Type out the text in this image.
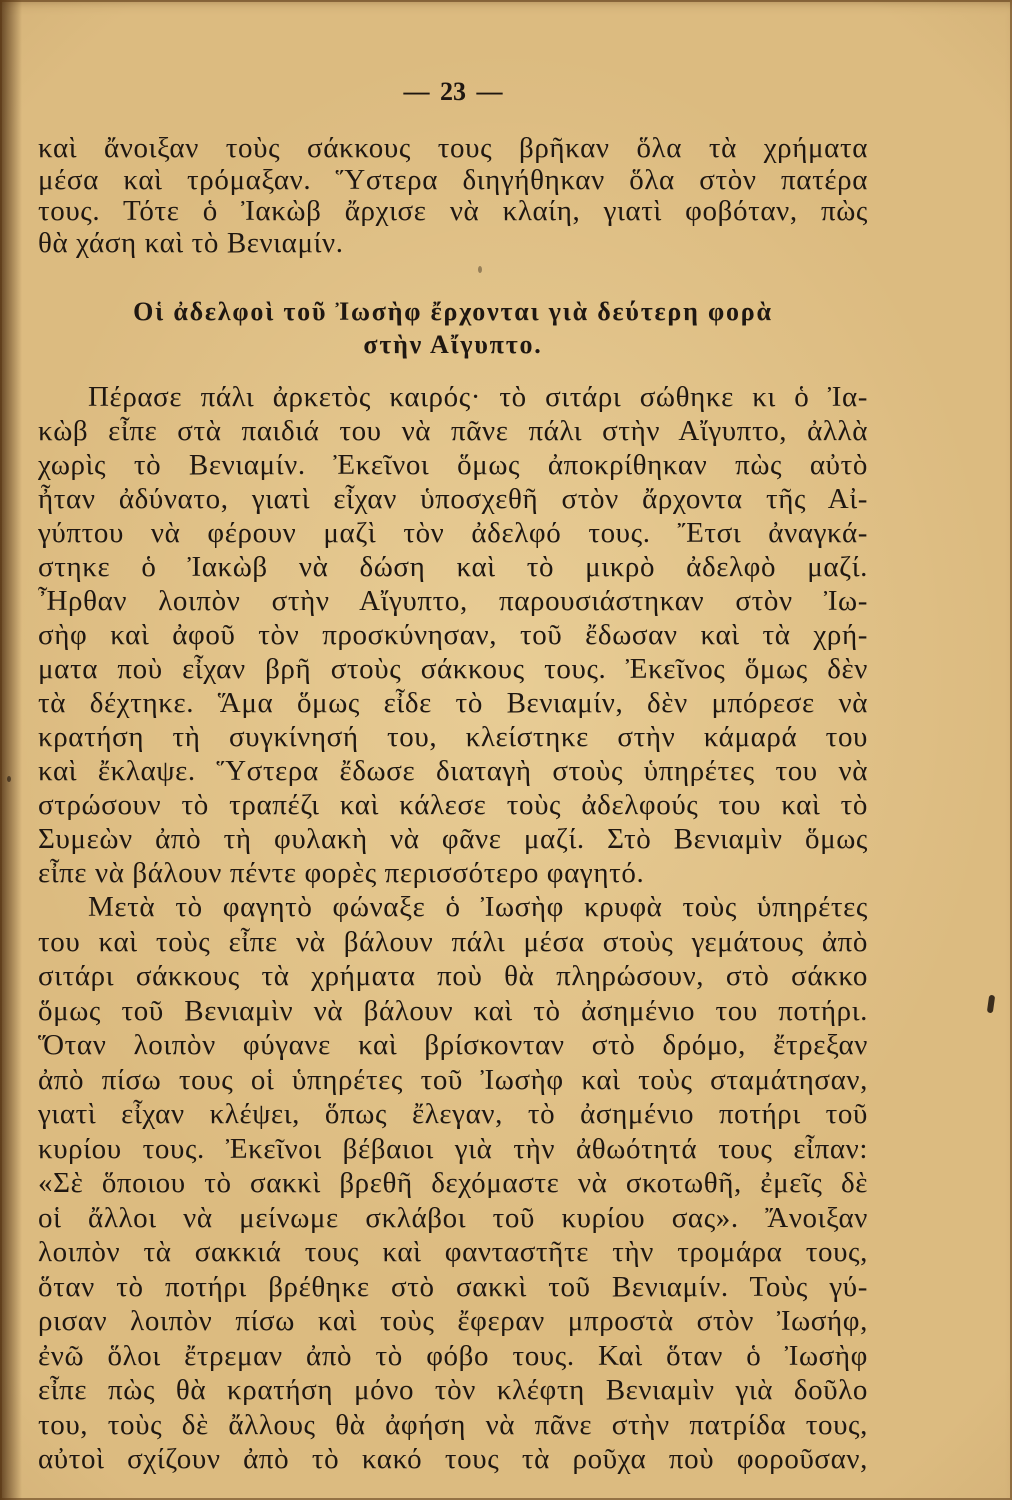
— 23 —
καὶ ἄνοιξαν τοὺς σάκκους τους βρῆκαν ὅλα τὰ χρήματα
μέσα καὶ τρόμαξαν. Ὕστερα διηγήθηκαν ὅλα στὸν πατέρα
τους. Τότε ὁ Ἰακὼβ ἄρχισε νὰ κλαίη, γιατὶ φοβόταν, πὼς
θὰ χάση καὶ τὸ Βενιαμίν.
Οἱ ἀδελφοὶ τοῦ Ἰωσὴφ ἔρχονται γιὰ δεύτερη φορὰ
στὴν Αἴγυπτο.
Πέρασε πάλι ἀρκετὸς καιρός· τὸ σιτάρι σώθηκε κι ὁ Ἰα-
κὼβ εἶπε στὰ παιδιά του νὰ πᾶνε πάλι στὴν Αἴγυπτο, ἀλλὰ
χωρὶς τὸ Βενιαμίν. Ἐκεῖνοι ὅμως ἀποκρίθηκαν πὼς αὐτὸ
ἦταν ἀδύνατο, γιατὶ εἶχαν ὑποσχεθῆ στὸν ἄρχοντα τῆς Αἰ-
γύπτου νὰ φέρουν μαζὶ τὸν ἀδελφό τους. Ἔτσι ἀναγκά-
στηκε ὁ Ἰακὼβ νὰ δώση καὶ τὸ μικρὸ ἀδελφὸ μαζί.
Ἦρθαν λοιπὸν στὴν Αἴγυπτο, παρουσιάστηκαν στὸν Ἰω-
σὴφ καὶ ἀφοῦ τὸν προσκύνησαν, τοῦ ἔδωσαν καὶ τὰ χρή-
ματα ποὺ εἶχαν βρῆ στοὺς σάκκους τους. Ἐκεῖνος ὅμως δὲν
τὰ δέχτηκε. Ἅμα ὅμως εἶδε τὸ Βενιαμίν, δὲν μπόρεσε νὰ
κρατήση τὴ συγκίνησή του, κλείστηκε στὴν κάμαρά του
καὶ ἔκλαψε. Ὕστερα ἔδωσε διαταγὴ στοὺς ὑπηρέτες του νὰ
στρώσουν τὸ τραπέζι καὶ κάλεσε τοὺς ἀδελφούς του καὶ τὸ
Συμεὼν ἀπὸ τὴ φυλακὴ νὰ φᾶνε μαζί. Στὸ Βενιαμὶν ὅμως
εἶπε νὰ βάλουν πέντε φορὲς περισσότερο φαγητό.
Μετὰ τὸ φαγητὸ φώναξε ὁ Ἰωσὴφ κρυφὰ τοὺς ὑπηρέτες
του καὶ τοὺς εἶπε νὰ βάλουν πάλι μέσα στοὺς γεμάτους ἀπὸ
σιτάρι σάκκους τὰ χρήματα ποὺ θὰ πληρώσουν, στὸ σάκκο
ὅμως τοῦ Βενιαμὶν νὰ βάλουν καὶ τὸ ἀσημένιο του ποτήρι.
Ὅταν λοιπὸν φύγανε καὶ βρίσκονταν στὸ δρόμο, ἔτρεξαν
ἀπὸ πίσω τους οἱ ὑπηρέτες τοῦ Ἰωσὴφ καὶ τοὺς σταμάτησαν,
γιατὶ εἶχαν κλέψει, ὅπως ἔλεγαν, τὸ ἀσημένιο ποτήρι τοῦ
κυρίου τους. Ἐκεῖνοι βέβαιοι γιὰ τὴν ἀθωότητά τους εἶπαν:
«Σὲ ὅποιου τὸ σακκὶ βρεθῆ δεχόμαστε νὰ σκοτωθῆ, ἐμεῖς δὲ
οἱ ἄλλοι νὰ μείνωμε σκλάβοι τοῦ κυρίου σας». Ἄνοιξαν
λοιπὸν τὰ σακκιά τους καὶ φανταστῆτε τὴν τρομάρα τους,
ὅταν τὸ ποτήρι βρέθηκε στὸ σακκὶ τοῦ Βενιαμίν. Τοὺς γύ-
ρισαν λοιπὸν πίσω καὶ τοὺς ἔφεραν μπροστὰ στὸν Ἰωσήφ,
ἐνῶ ὅλοι ἔτρεμαν ἀπὸ τὸ φόβο τους. Καὶ ὅταν ὁ Ἰωσὴφ
εἶπε πὼς θὰ κρατήση μόνο τὸν κλέφτη Βενιαμὶν γιὰ δοῦλο
του, τοὺς δὲ ἄλλους θὰ ἀφήση νὰ πᾶνε στὴν πατρίδα τους,
αὐτοὶ σχίζουν ἀπὸ τὸ κακό τους τὰ ροῦχα ποὺ φοροῦσαν,
